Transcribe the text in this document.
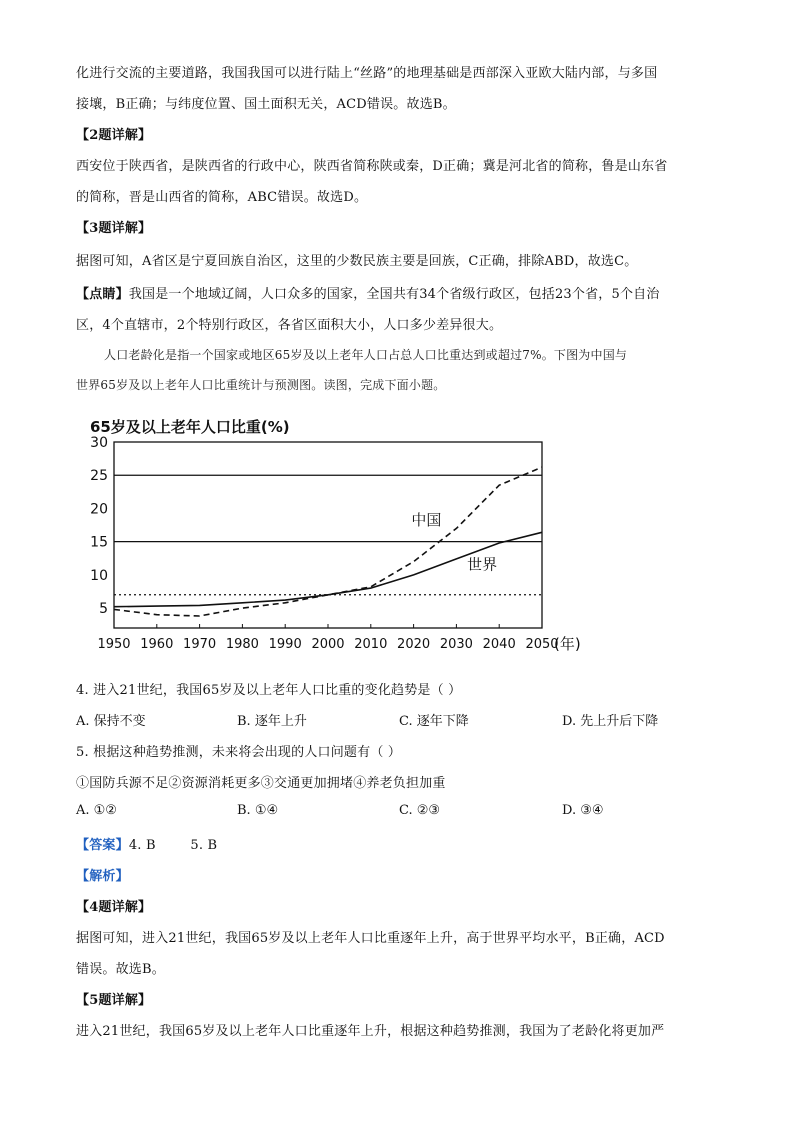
化进行交流的主要道路，我国我国可以进行陆上“丝路”的地理基础是西部深入亚欧大陆内部，与多国
接壤，B正确；与纬度位置、国土面积无关，ACD错误。故选B。
【2题详解】
西安位于陕西省，是陕西省的行政中心，陕西省简称陕或秦，D正确；冀是河北省的简称，鲁是山东省
的简称，晋是山西省的简称，ABC错误。故选D。
【3题详解】
据图可知，A省区是宁夏回族自治区，这里的少数民族主要是回族，C正确，排除ABD，故选C。
【点睛】我国是一个地域辽阔，人口众多的国家，全国共有34个省级行政区，包括23个省，5个自治
区，4个直辖市，2个特别行政区，各省区面积大小，人口多少差异很大。
人口老龄化是指一个国家或地区65岁及以上老年人口占总人口比重达到或超过7%。下图为中国与
世界65岁及以上老年人口比重统计与预测图。读图，完成下面小题。
65岁及以上老年人口比重(%)
5
10
15
20
25
30
1950 1960 1970 1980 1990 2000 2010 2020 2030 2040 2050
(年)
中国
世界
4. 进入21世纪，我国65岁及以上老年人口比重的变化趋势是（ ）
A. 保持不变	B. 逐年上升	C. 逐年下降	D. 先上升后下降
5. 根据这种趋势推测，未来将会出现的人口问题有（ ）
①国防兵源不足②资源消耗更多③交通更加拥堵④养老负担加重
A. ①②	B. ①④	C. ②③	D. ③④
【答案】4. B        5. B
【解析】
【4题详解】
据图可知，进入21世纪，我国65岁及以上老年人口比重逐年上升，高于世界平均水平，B正确，ACD
错误。故选B。
【5题详解】
进入21世纪，我国65岁及以上老年人口比重逐年上升，根据这种趋势推测，我国为了老龄化将更加严
